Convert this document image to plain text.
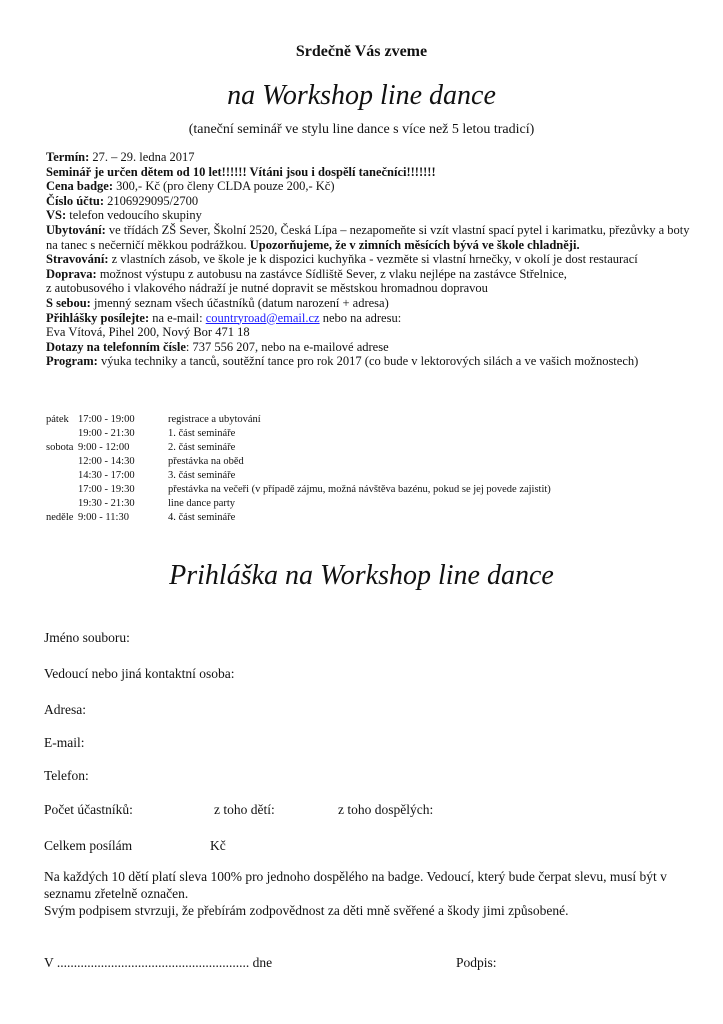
Srdečně Vás zveme
na Workshop line dance
(taneční seminář ve stylu line dance s více než 5 letou tradicí)

Termín: 27. – 29. ledna 2017

Seminář je určen dětem od 10 let!!!!!! Vítáni jsou i dospělí tanečníci!!!!!!!

Cena badge: 300,- Kč (pro členy CLDA pouze 200,- Kč)

Číslo účtu: 2106929095/2700

VS: telefon vedoucího skupiny

Ubytování: ve třídách ZŠ Sever, Školní 2520, Česká Lípa – nezapomeňte si vzít vlastní spací pytel i karimatku, přezůvky a boty na tanec s nečerničí měkkou podrážkou. Upozorňujeme, že v zimních měsících bývá ve škole chladněji.

Stravování: z vlastních zásob, ve škole je k dispozici kuchyňka - vezměte si vlastní hrnečky, v okolí je dost restaurací

Doprava: možnost výstupu z autobusu na zastávce Sídliště Sever, z vlaku nejlépe na zastávce Střelnice,

z autobusového i vlakového nádraží je nutné dopravit se městskou hromadnou dopravou

S sebou: jmenný seznam všech účastníků (datum narození + adresa)

Přihlášky posílejte: na e-mail: countryroad@email.cz nebo na adresu:

Eva Vítová, Pihel 200, Nový Bor 471 18

Dotazy na telefonním čísle: 737 556 207, nebo na e-mailové adrese

Program: výuka techniky a tanců, soutěžní tance pro rok 2017 (co bude v lektorových silách a ve vašich možnostech)

pátek 17:00 - 19:00	registrace a ubytování
19:00 - 21:30	1. část semináře
sobota 9:00 - 12:00	2. část semináře
12:00 - 14:30	přestávka na oběd
14:30 - 17:00	3. část semináře
17:00 - 19:30	přestávka na večeři (v případě zájmu, možná návštěva bazénu, pokud se jej povede zajistit)
19:30 - 21:30	line dance party
neděle 9:00 - 11:30	4. část semináře
Prihláška na Workshop line dance
Jméno souboru:
Vedoucí nebo jiná kontaktní osoba:
Adresa:
E-mail:
Telefon:
Počet účastníků:	z toho dětí:	z toho dospělých:
Celkem posílám	Kč

Na každých 10 dětí platí sleva 100% pro jednoho dospělého na badge. Vedoucí, který bude čerpat slevu, musí být v seznamu zřetelně označen.

Svým podpisem stvrzuji, že přebírám zodpovědnost za děti mně svěřené a škody jimi způsobené.

V ......................................................... dne	Podpis:
